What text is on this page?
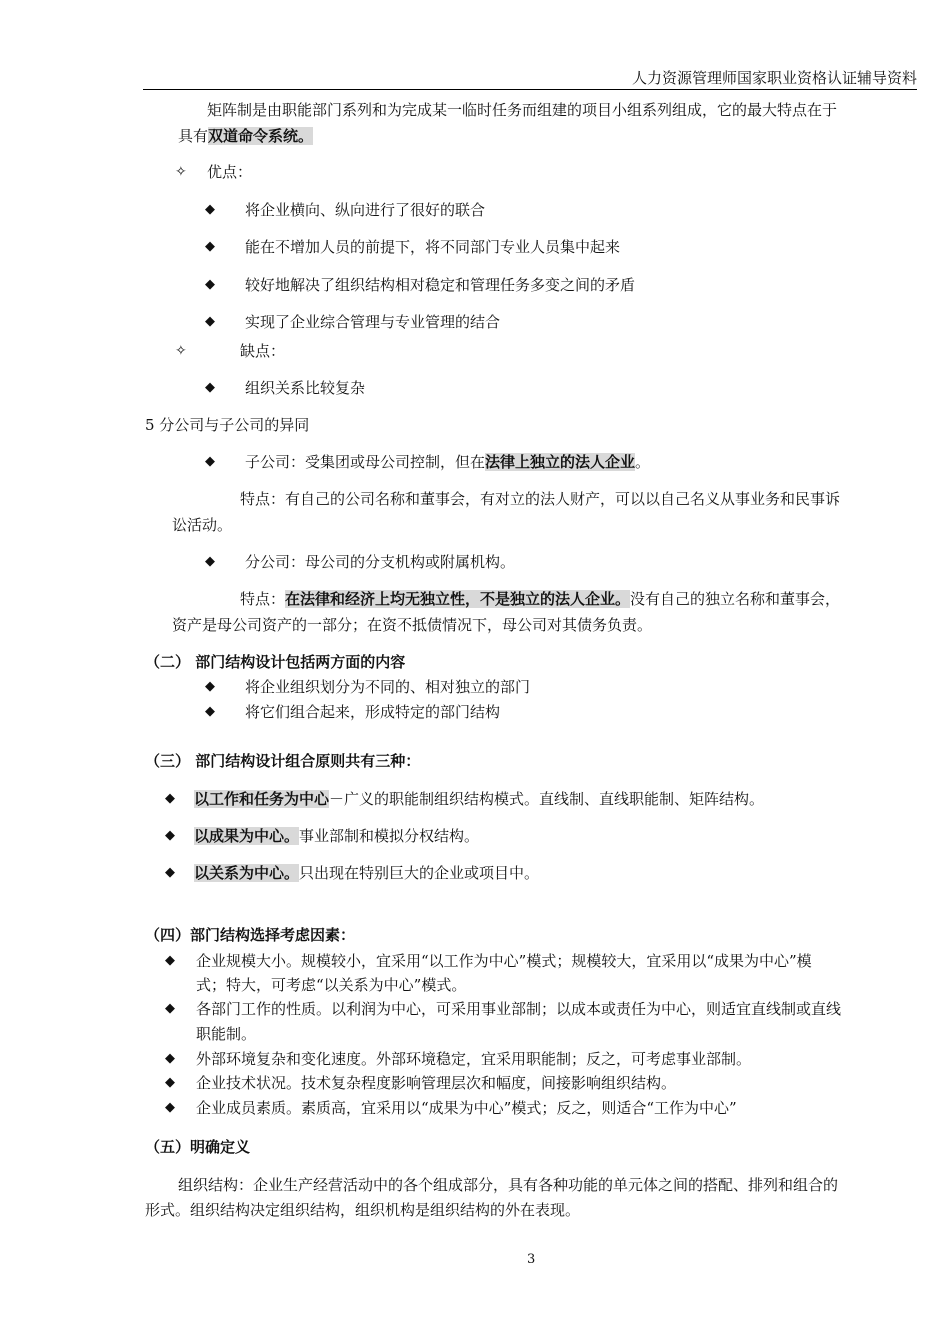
人力资源管理师国家职业资格认证辅导资料
矩阵制是由职能部门系列和为完成某一临时任务而组建的项目小组系列组成，它的最大特点在于
具有双道命令系统。
✧ 优点：
◆ 将企业横向、纵向进行了很好的联合
◆ 能在不增加人员的前提下，将不同部门专业人员集中起来
◆ 较好地解决了组织结构相对稳定和管理任务多变之间的矛盾
◆ 实现了企业综合管理与专业管理的结合
✧	缺点：
◆ 组织关系比较复杂
5 分公司与子公司的异同
◆ 子公司：受集团或母公司控制，但在法律上独立的法人企业。
特点：有自己的公司名称和董事会，有对立的法人财产，可以以自己名义从事业务和民事诉
讼活动。
◆ 分公司：母公司的分支机构或附属机构。
特点：在法律和经济上均无独立性，不是独立的法人企业。没有自己的独立名称和董事会，
资产是母公司资产的一部分；在资不抵债情况下，母公司对其债务负责。
（二） 部门结构设计包括两方面的内容
◆ 将企业组织划分为不同的、相对独立的部门
◆ 将它们组合起来，形成特定的部门结构
（三） 部门结构设计组合原则共有三种：
◆ 以工作和任务为中心－广义的职能制组织结构模式。直线制、直线职能制、矩阵结构。
◆ 以成果为中心。事业部制和模拟分权结构。
◆ 以关系为中心。只出现在特别巨大的企业或项目中。
（四）部门结构选择考虑因素：
◆ 企业规模大小。规模较小，宜采用“以工作为中心”模式；规模较大，宜采用以“成果为中心”模
式；特大，可考虑“以关系为中心”模式。
◆ 各部门工作的性质。以利润为中心，可采用事业部制；以成本或责任为中心，则适宜直线制或直线
职能制。
◆ 外部环境复杂和变化速度。外部环境稳定，宜采用职能制；反之，可考虑事业部制。
◆ 企业技术状况。技术复杂程度影响管理层次和幅度，间接影响组织结构。
◆ 企业成员素质。素质高，宜采用以“成果为中心”模式；反之，则适合“工作为中心”
（五）明确定义
组织结构：企业生产经营活动中的各个组成部分，具有各种功能的单元体之间的搭配、排列和组合的
形式。组织结构决定组织结构，组织机构是组织结构的外在表现。
3
